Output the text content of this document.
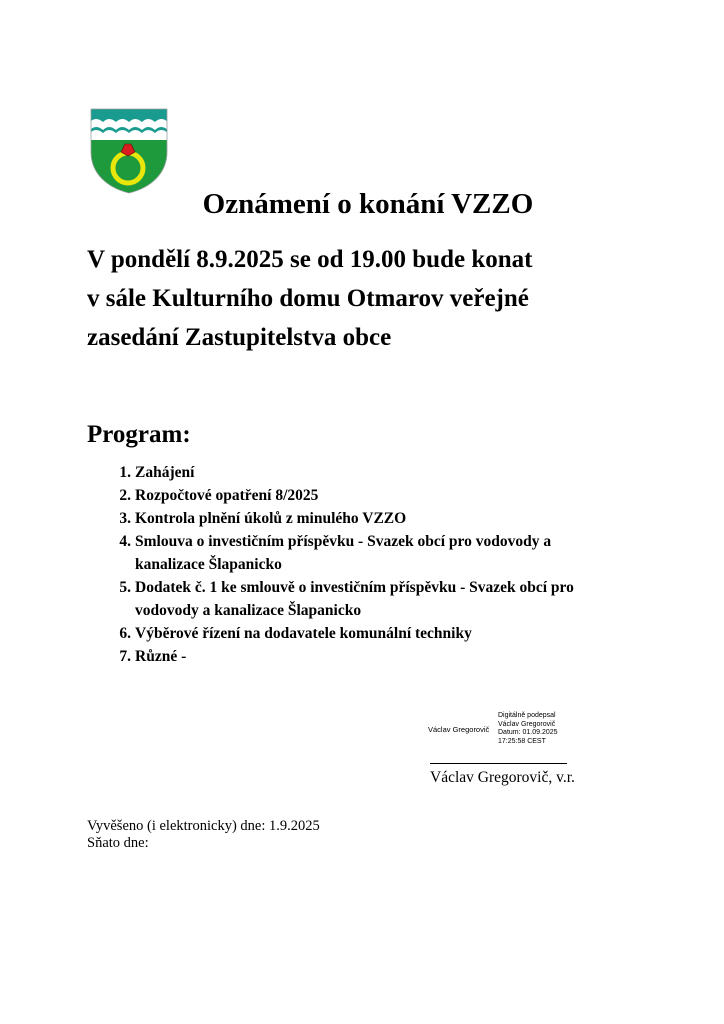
Oznámení o konání VZZO

V pondělí 8.9.2025 se od 19.00 bude konat
v sále Kulturního domu Otmarov veřejné
zasedání Zastupitelstva obce

Program:
1. Zahájení
2. Rozpočtové opatření 8/2025
3. Kontrola plnění úkolů z minulého VZZO
4. Smlouva o investičním příspěvku - Svazek obcí pro vodovody a
kanalizace Šlapanicko
5. Dodatek č. 1 ke smlouvě o investičním příspěvku - Svazek obcí pro
vodovody a kanalizace Šlapanicko
6. Výběrové řízení na dodavatele komunální techniky
7. Různé -
Václav Gregorovič
Digitálně podepsal
Václav Gregorovič
Datum: 01.09.2025
17:25:58 CEST

Václav Gregorovič, v.r.

Vyvěšeno (i elektronicky) dne: 1.9.2025
Sňato dne:
